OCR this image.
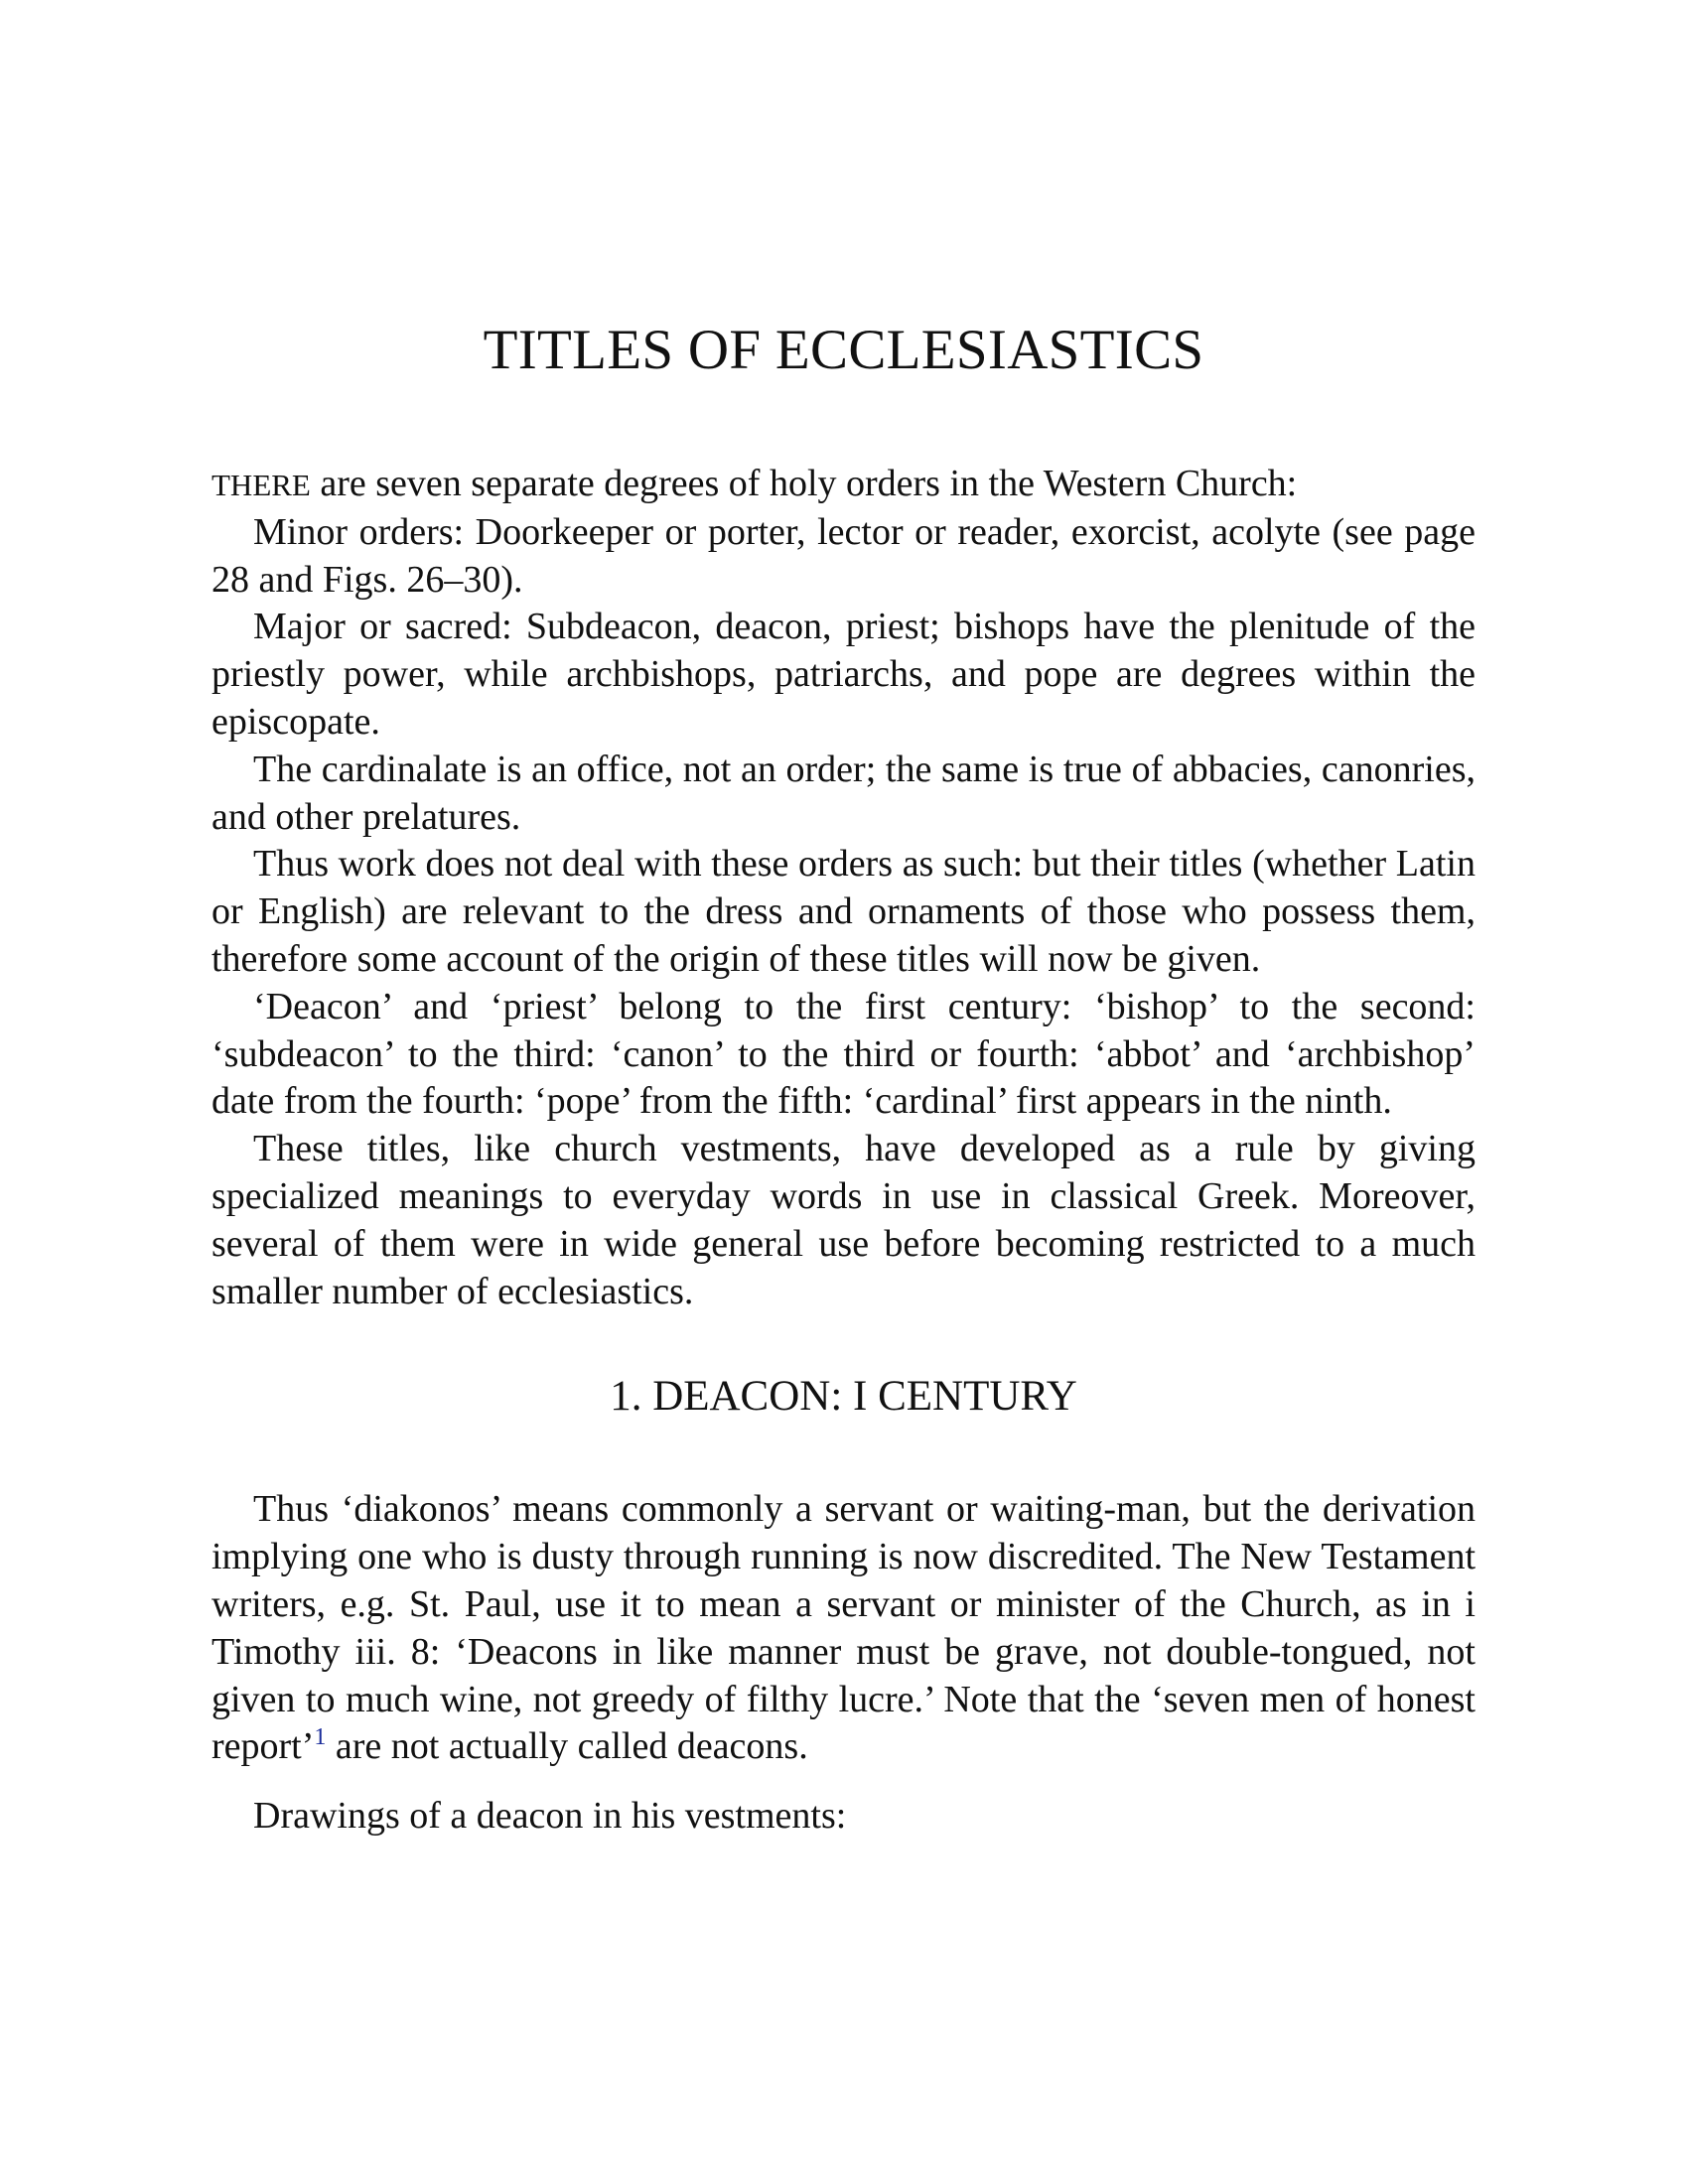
TITLES OF ECCLESIASTICS

THERE are seven separate degrees of holy orders in the Western Church:

Minor orders: Doorkeeper or porter, lector or reader, exorcist, acolyte (see page 28 and Figs. 26–30).

Major or sacred: Subdeacon, deacon, priest; bishops have the plenitude of the priestly power, while archbishops, patriarchs, and pope are degrees within the episcopate.

The cardinalate is an office, not an order; the same is true of abbacies, canonries, and other prelatures.

Thus work does not deal with these orders as such: but their titles (whether Latin or English) are relevant to the dress and ornaments of those who possess them, therefore some account of the origin of these titles will now be given.

‘Deacon’ and ‘priest’ belong to the first century: ‘bishop’ to the second: ‘subdeacon’ to the third: ‘canon’ to the third or fourth: ‘abbot’ and ‘archbishop’ date from the fourth: ‘pope’ from the fifth: ‘cardinal’ first appears in the ninth.

These titles, like church vestments, have developed as a rule by giving specialized meanings to everyday words in use in classical Greek. Moreover, several of them were in wide general use before becoming restricted to a much smaller number of ecclesiastics.

1. DEACON: I CENTURY

Thus ‘diakonos’ means commonly a servant or waiting-man, but the derivation implying one who is dusty through running is now discredited. The New Testament writers, e.g. St. Paul, use it to mean a servant or minister of the Church, as in i Timothy iii. 8: ‘Deacons in like manner must be grave, not double-tongued, not given to much wine, not greedy of filthy lucre.’ Note that the ‘seven men of honest report’$^1$ are not actually called deacons.

Drawings of a deacon in his vestments:
